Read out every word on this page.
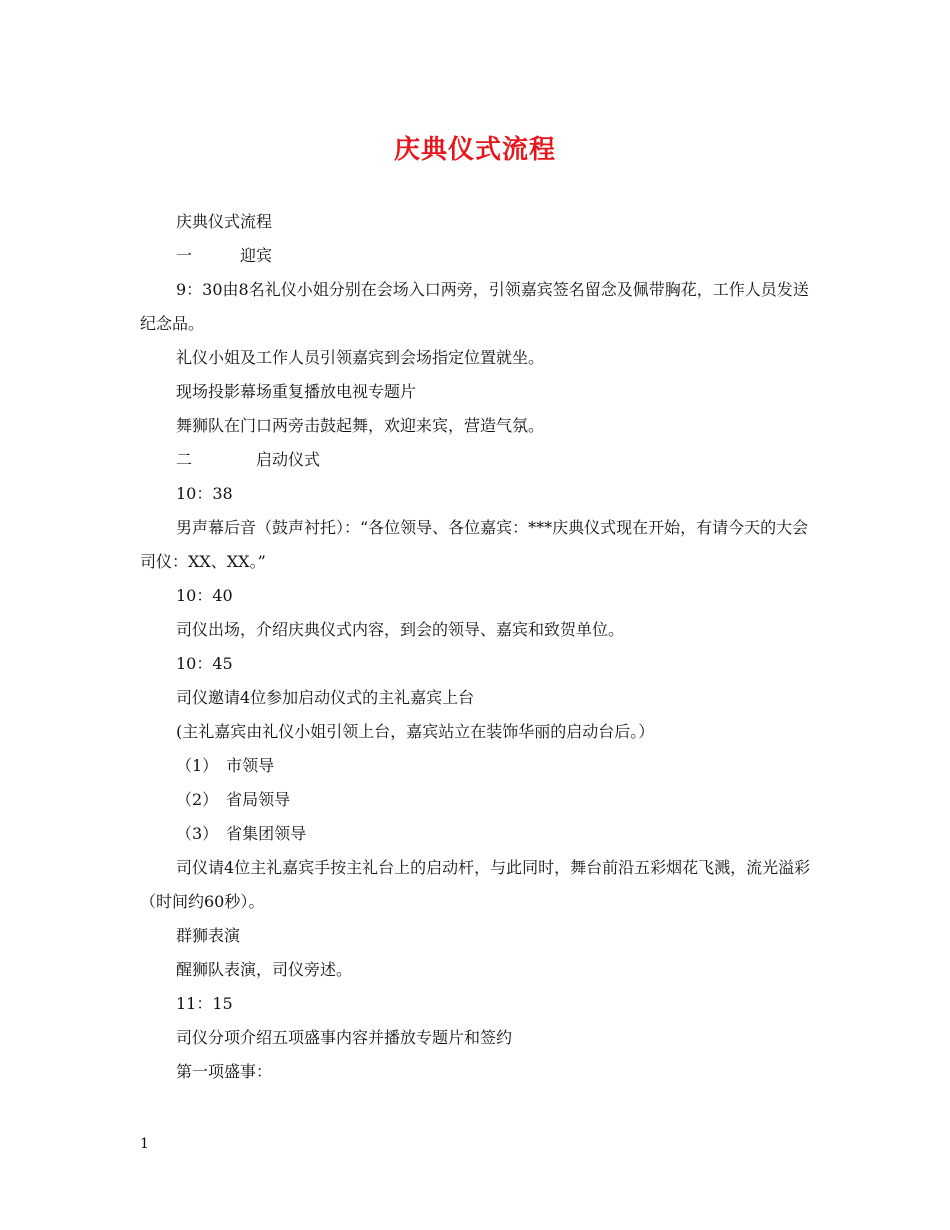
庆典仪式流程

庆典仪式流程

一　　　迎宾

9：30由8名礼仪小姐分别在会场入口两旁，引领嘉宾签名留念及佩带胸花，工作人员发送纪念品。

礼仪小姐及工作人员引领嘉宾到会场指定位置就坐。

现场投影幕场重复播放电视专题片

舞狮队在门口两旁击鼓起舞，欢迎来宾，营造气氛。

二　　　　启动仪式

10：38

男声幕后音（鼓声衬托）：“各位领导、各位嘉宾：***庆典仪式现在开始，有请今天的大会司仪：XX、XX。”

10：40

司仪出场，介绍庆典仪式内容，到会的领导、嘉宾和致贺单位。

10：45

司仪邀请4位参加启动仪式的主礼嘉宾上台

(主礼嘉宾由礼仪小姐引领上台，嘉宾站立在装饰华丽的启动台后。）

（1）　市领导

（2）　省局领导

（3）　省集团领导

司仪请4位主礼嘉宾手按主礼台上的启动杆，与此同时，舞台前沿五彩烟花飞溅，流光溢彩（时间约60秒）。

群狮表演

醒狮队表演，司仪旁述。

11：15

司仪分项介绍五项盛事内容并播放专题片和签约

第一项盛事：

1
